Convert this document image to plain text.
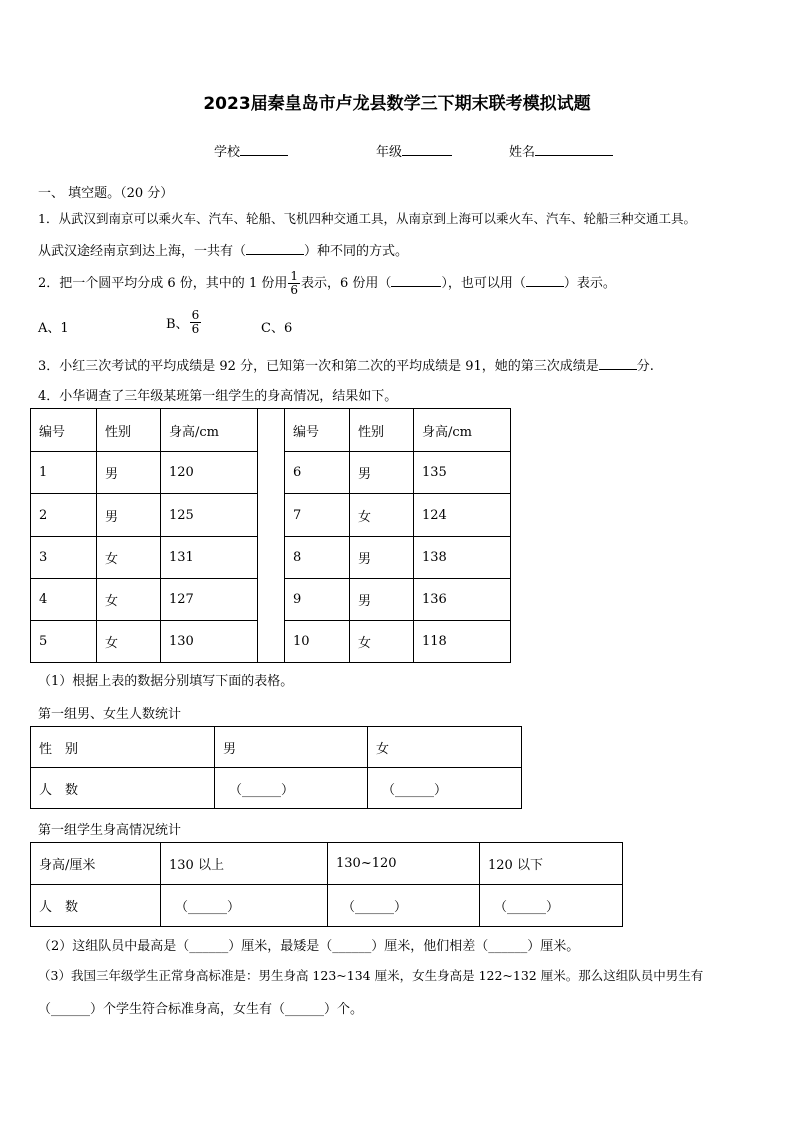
2023届秦皇岛市卢龙县数学三下期末联考模拟试题
学校	年级	姓名
一、 填空题。（20 分）
1．从武汉到南京可以乘火车、汽车、轮船、飞机四种交通工具，从南京到上海可以乘火车、汽车、轮船三种交通工具。
从武汉途经南京到达上海，一共有（	）种不同的方式。
2．把一个圆平均分成 6 份，其中的 1 份用 $\frac{1}{6}$ 表示，6 份用（	），也可以用（	）表示。
A、1	B、 $\frac{6}{6}$	C、6
3．小红三次考试的平均成绩是 92 分，已知第一次和第二次的平均成绩是 91，她的第三次成绩是	分.
4．小华调查了三年级某班第一组学生的身高情况，结果如下。
编号	性别	身高/cm		编号	性别	身高/cm
1	男	120		6	男	135
2	男	125		7	女	124
3	女	131		8	男	138
4	女	127		9	男	136
5	女	130		10	女	118
（1）根据上表的数据分别填写下面的表格。
第一组男、女生人数统计
性　别	男	女
人　数	（______）	（______）
第一组学生身高情况统计
身高/厘米	130 以上	130~120	120 以下
人　数	（______）	（______）	（______）
（2）这组队员中最高是（______）厘米，最矮是（______）厘米，他们相差（______）厘米。
（3）我国三年级学生正常身高标准是：男生身高 123~134 厘米，女生身高是 122~132 厘米。那么这组队员中男生有
（______）个学生符合标准身高，女生有（______）个。
